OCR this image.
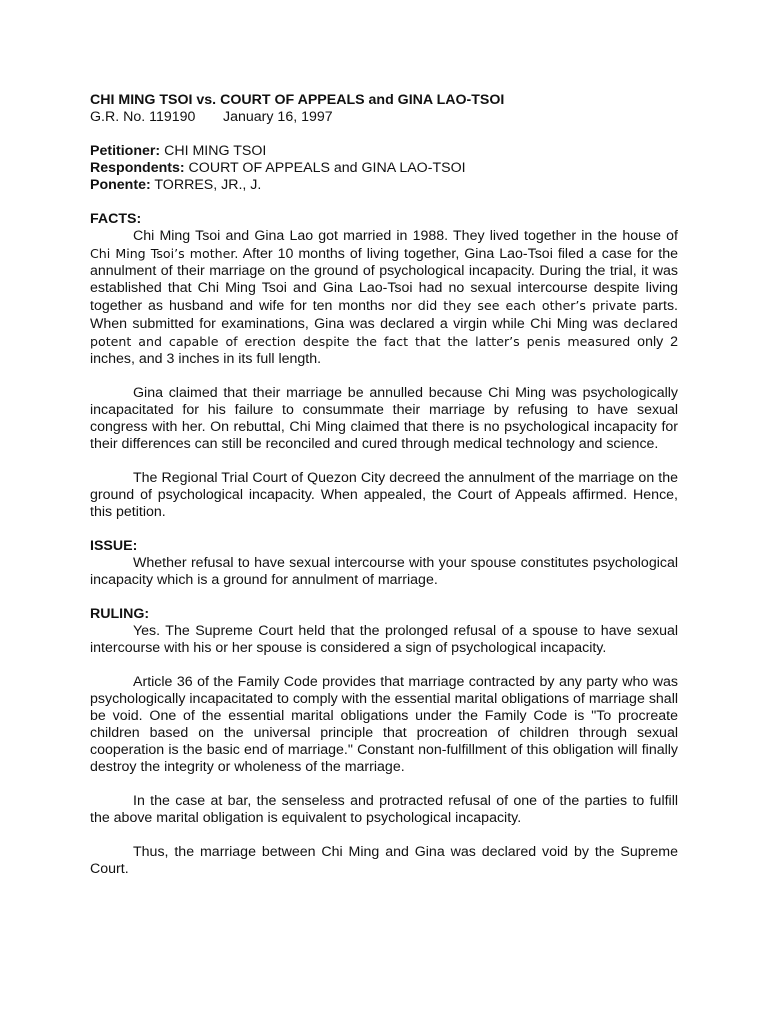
CHI MING TSOI vs. COURT OF APPEALS and GINA LAO-TSOI
G.R. No. 119190       January 16, 1997
Petitioner: CHI MING TSOI
Respondents: COURT OF APPEALS and GINA LAO-TSOI
Ponente: TORRES, JR., J.
FACTS:

Chi Ming Tsoi and Gina Lao got married in 1988. They lived together in the house of Chi Ming Tsoi’s mother. After 10 months of living together, Gina Lao-Tsoi filed a case for the annulment of their marriage on the ground of psychological incapacity. During the trial, it was established that Chi Ming Tsoi and Gina Lao-Tsoi had no sexual intercourse despite living together as husband and wife for ten months nor did they see each other’s private parts. When submitted for examinations, Gina was declared a virgin while Chi Ming was declared potent and capable of erection despite the fact that the latter’s penis measured only 2 inches, and 3 inches in its full length.

Gina claimed that their marriage be annulled because Chi Ming was psychologically incapacitated for his failure to consummate their marriage by refusing to have sexual congress with her. On rebuttal, Chi Ming claimed that there is no psychological incapacity for their differences can still be reconciled and cured through medical technology and science.

The Regional Trial Court of Quezon City decreed the annulment of the marriage on the ground of psychological incapacity. When appealed, the Court of Appeals affirmed. Hence, this petition.

ISSUE:

Whether refusal to have sexual intercourse with your spouse constitutes psychological incapacity which is a ground for annulment of marriage.

RULING:

Yes. The Supreme Court held that the prolonged refusal of a spouse to have sexual intercourse with his or her spouse is considered a sign of psychological incapacity.

Article 36 of the Family Code provides that marriage contracted by any party who was psychologically incapacitated to comply with the essential marital obligations of marriage shall be void. One of the essential marital obligations under the Family Code is "To procreate children based on the universal principle that procreation of children through sexual cooperation is the basic end of marriage." Constant non-fulfillment of this obligation will finally destroy the integrity or wholeness of the marriage.

In the case at bar, the senseless and protracted refusal of one of the parties to fulfill the above marital obligation is equivalent to psychological incapacity.

Thus, the marriage between Chi Ming and Gina was declared void by the Supreme Court.
